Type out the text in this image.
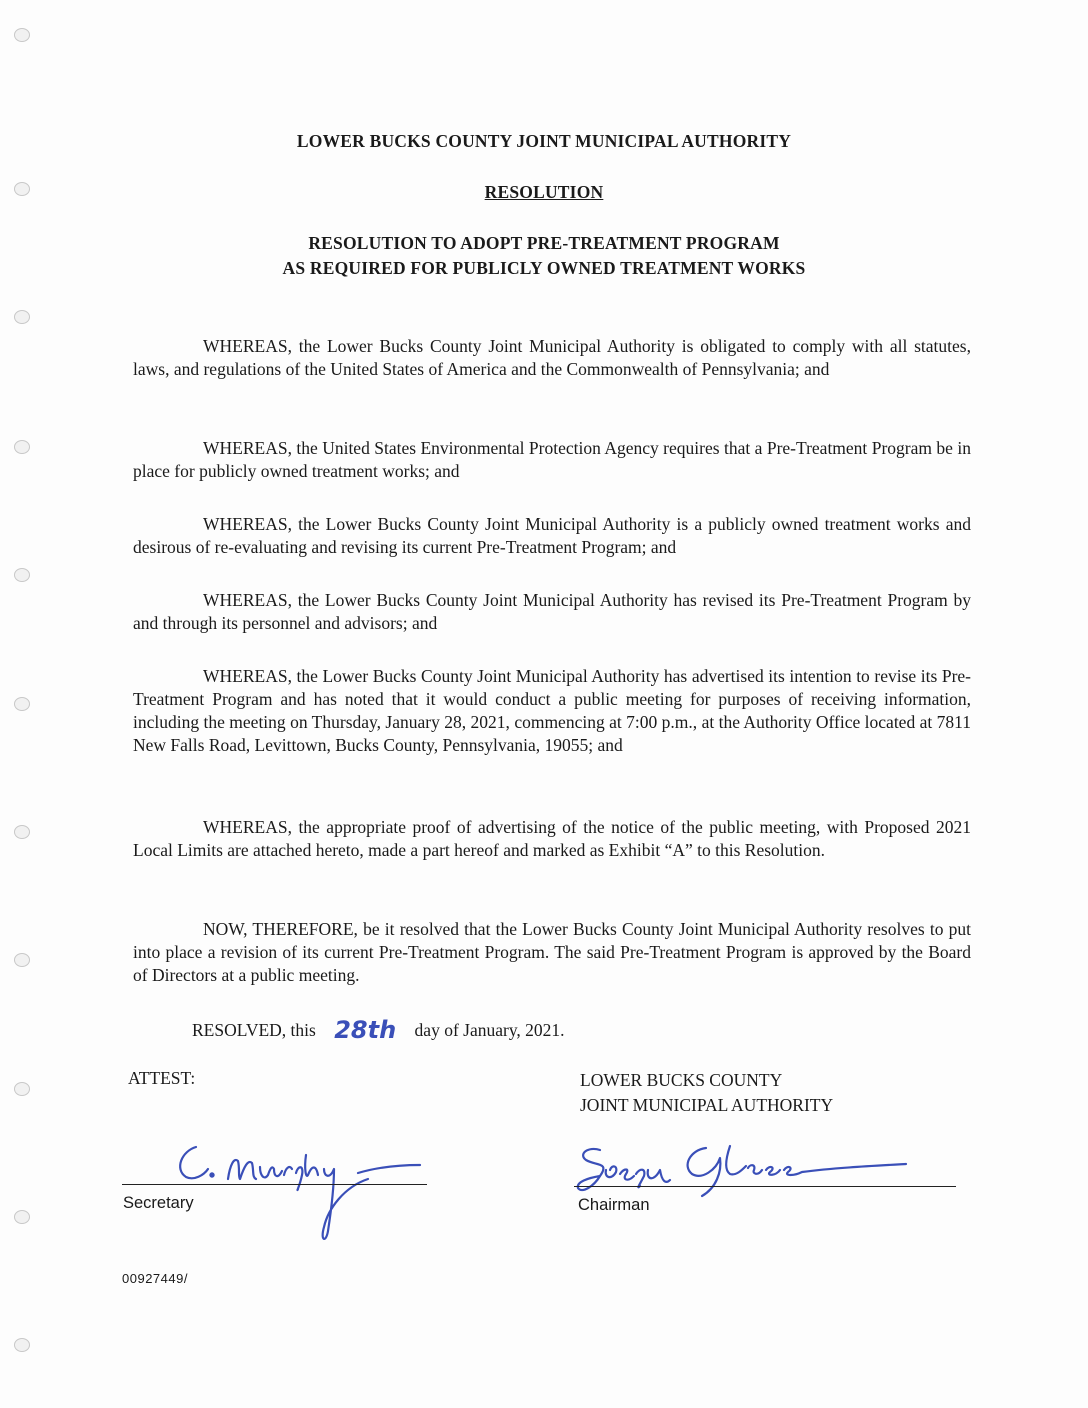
LOWER BUCKS COUNTY JOINT MUNICIPAL AUTHORITY
RESOLUTION
RESOLUTION TO ADOPT PRE-TREATMENT PROGRAM
AS REQUIRED FOR PUBLICLY OWNED TREATMENT WORKS

WHEREAS, the Lower Bucks County Joint Municipal Authority is obligated to comply with all statutes, laws, and regulations of the United States of America and the Commonwealth of Pennsylvania; and

WHEREAS, the United States Environmental Protection Agency requires that a Pre-Treatment Program be in place for publicly owned treatment works; and

WHEREAS, the Lower Bucks County Joint Municipal Authority is a publicly owned treatment works and desirous of re-evaluating and revising its current Pre-Treatment Program; and

WHEREAS, the Lower Bucks County Joint Municipal Authority has revised its Pre-Treatment Program by and through its personnel and advisors; and

WHEREAS, the Lower Bucks County Joint Municipal Authority has advertised its intention to revise its Pre-Treatment Program and has noted that it would conduct a public meeting for purposes of receiving information, including the meeting on Thursday, January 28, 2021, commencing at 7:00 p.m., at the Authority Office located at 7811 New Falls Road, Levittown, Bucks County, Pennsylvania, 19055; and

WHEREAS, the appropriate proof of advertising of the notice of the public meeting, with Proposed 2021 Local Limits are attached hereto, made a part hereof and marked as Exhibit “A” to this Resolution.

NOW, THEREFORE, be it resolved that the Lower Bucks County Joint Municipal Authority resolves to put into place a revision of its current Pre-Treatment Program. The said Pre-Treatment Program is approved by the Board of Directors at a public meeting.

RESOLVED, this 28th day of January, 2021.

ATTEST:	LOWER BUCKS COUNTY
JOINT MUNICIPAL AUTHORITY

Secretary	Chairman

00927449/
